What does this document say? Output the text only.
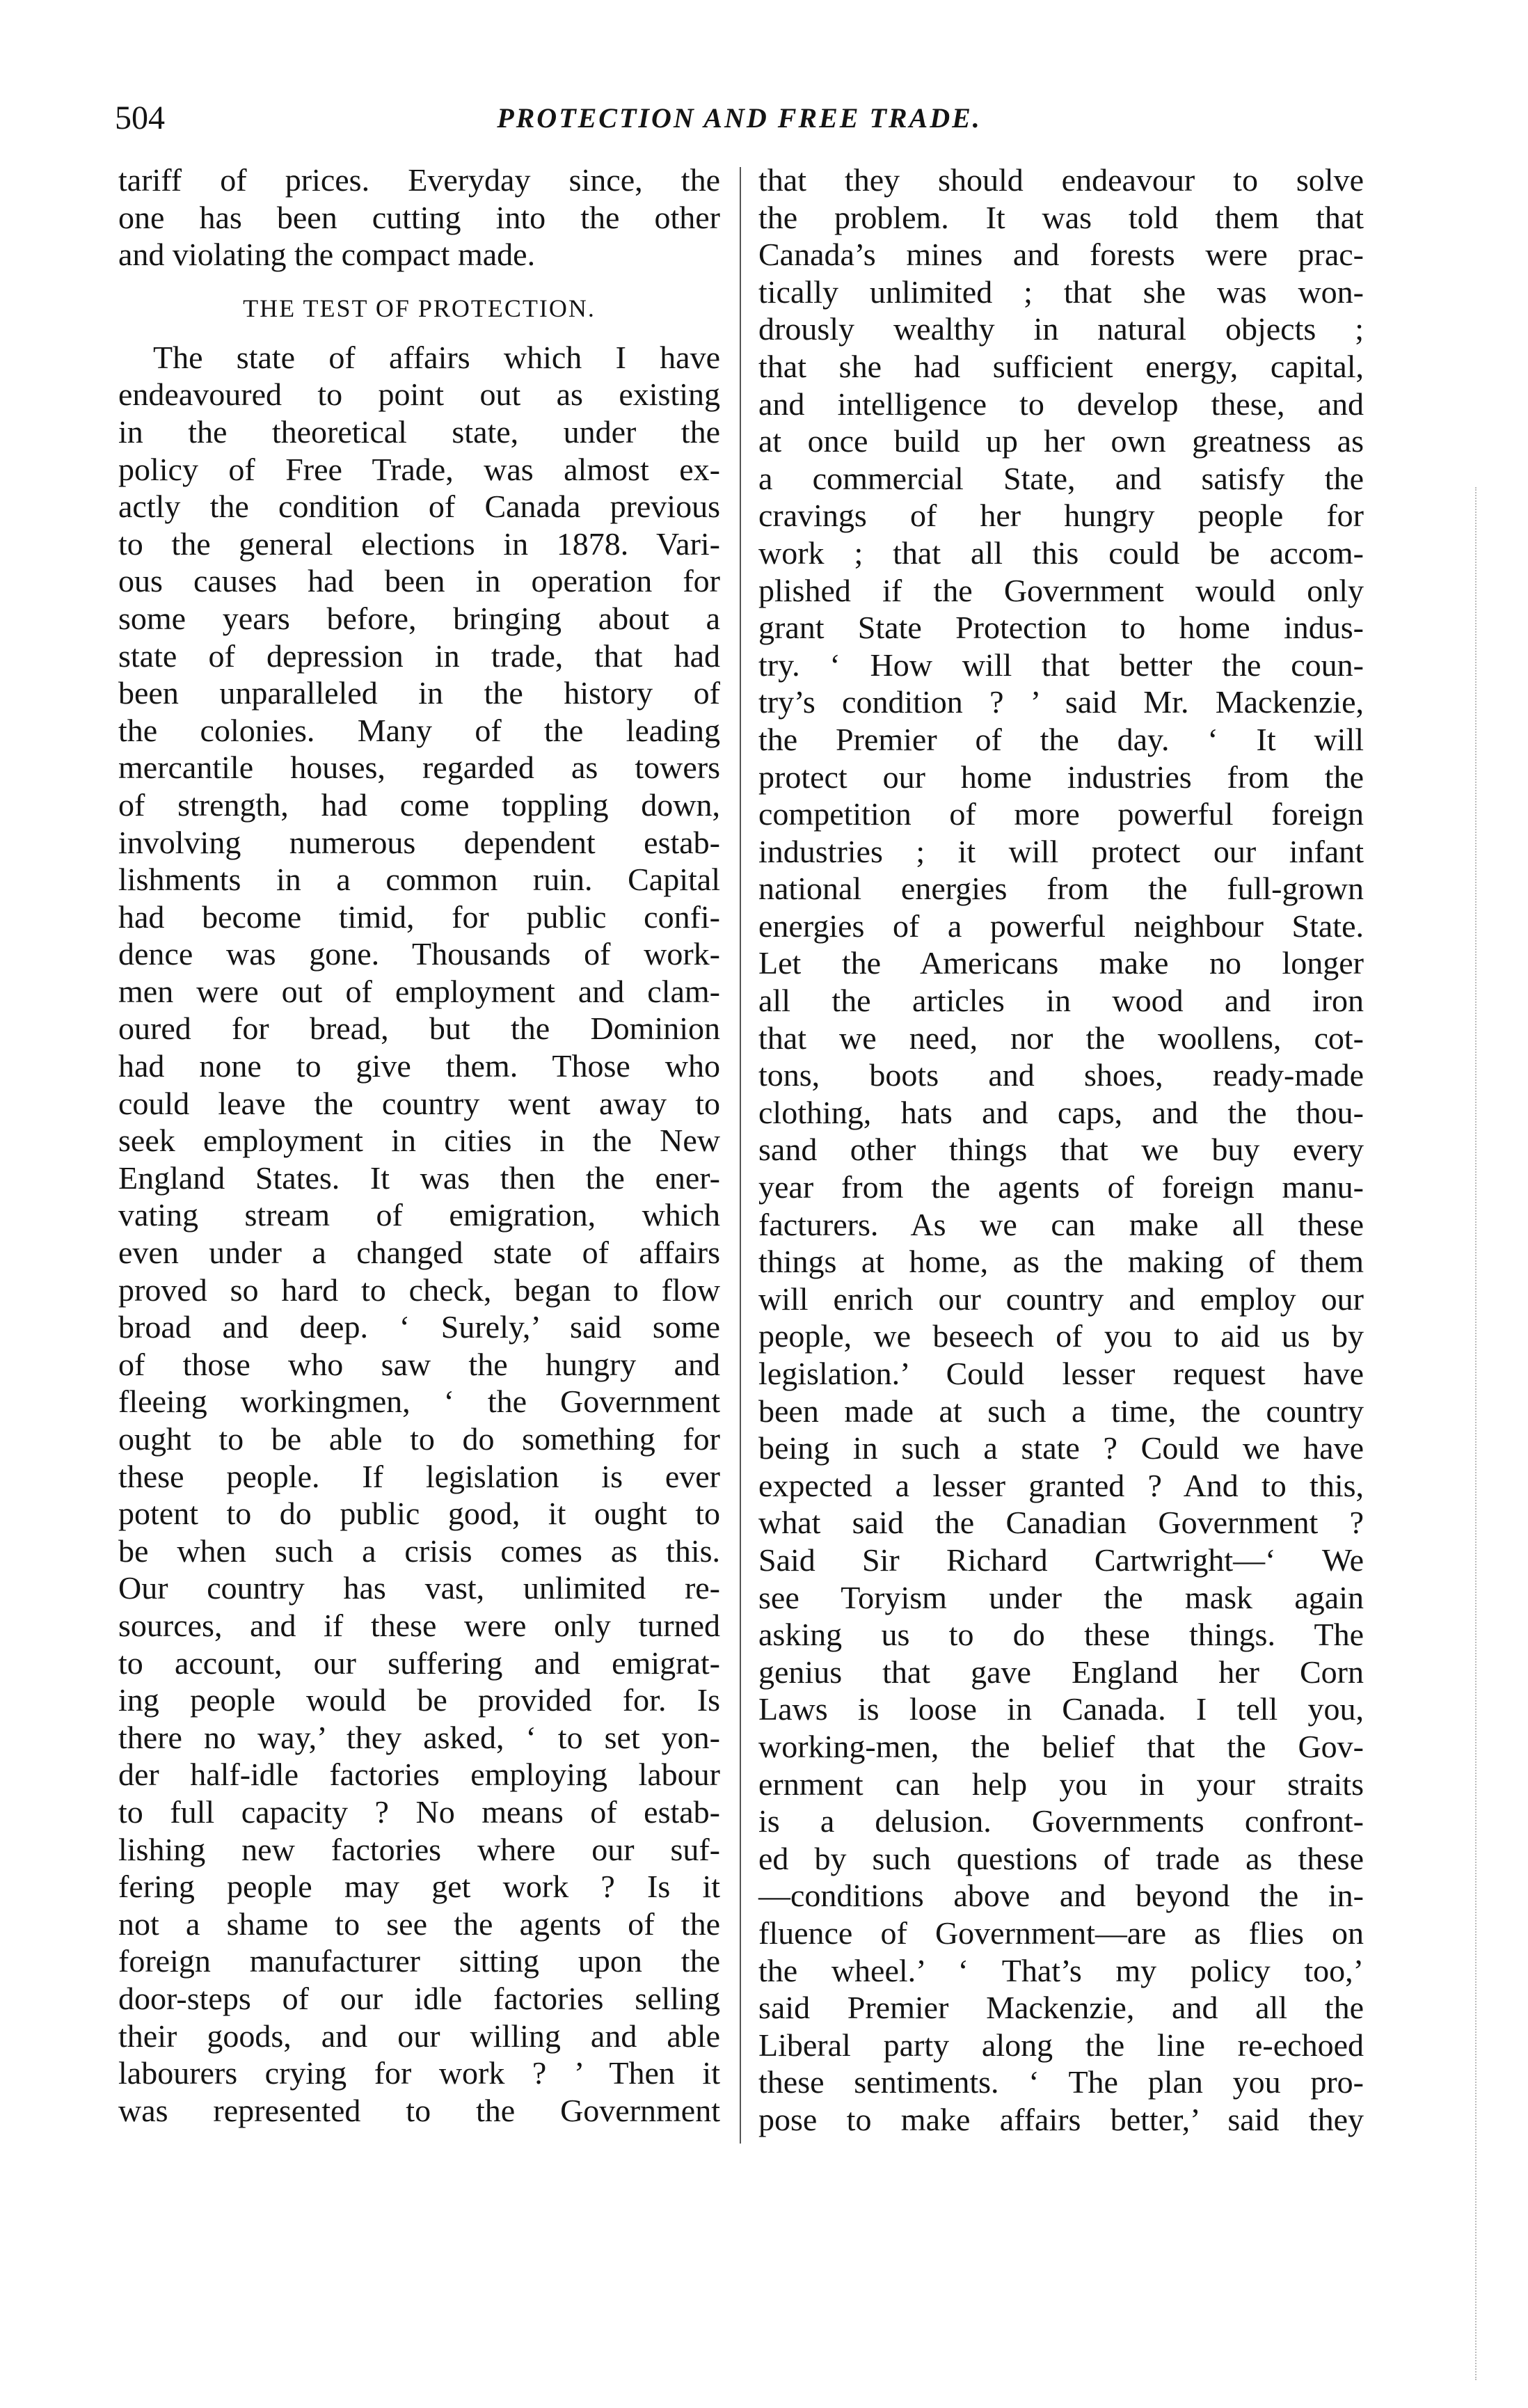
504	PROTECTION AND FREE TRADE.
tariff of prices. Everyday since, the
one has been cutting into the other
and violating the compact made.
THE TEST OF PROTECTION.
The state of affairs which I have
endeavoured to point out as existing
in the theoretical state, under the
policy of Free Trade, was almost ex-
actly the condition of Canada previous
to the general elections in 1878. Vari-
ous causes had been in operation for
some years before, bringing about a
state of depression in trade, that had
been unparalleled in the history of
the colonies. Many of the leading
mercantile houses, regarded as towers
of strength, had come toppling down,
involving numerous dependent estab-
lishments in a common ruin. Capital
had become timid, for public confi-
dence was gone. Thousands of work-
men were out of employment and clam-
oured for bread, but the Dominion
had none to give them. Those who
could leave the country went away to
seek employment in cities in the New
England States. It was then the ener-
vating stream of emigration, which
even under a changed state of affairs
proved so hard to check, began to flow
broad and deep. ‘ Surely,’ said some
of those who saw the hungry and
fleeing workingmen, ‘ the Government
ought to be able to do something for
these people. If legislation is ever
potent to do public good, it ought to
be when such a crisis comes as this.
Our country has vast, unlimited re-
sources, and if these were only turned
to account, our suffering and emigrat-
ing people would be provided for. Is
there no way,’ they asked, ‘ to set yon-
der half-idle factories employing labour
to full capacity ? No means of estab-
lishing new factories where our suf-
fering people may get work ? Is it
not a shame to see the agents of the
foreign manufacturer sitting upon the
door-steps of our idle factories selling
their goods, and our willing and able
labourers crying for work ? ’ Then it
was represented to the Government
that they should endeavour to solve
the problem. It was told them that
Canada’s mines and forests were prac-
tically unlimited ; that she was won-
drously wealthy in natural objects ;
that she had sufficient energy, capital,
and intelligence to develop these, and
at once build up her own greatness as
a commercial State, and satisfy the
cravings of her hungry people for
work ; that all this could be accom-
plished if the Government would only
grant State Protection to home indus-
try. ‘ How will that better the coun-
try’s condition ? ’ said Mr. Mackenzie,
the Premier of the day. ‘ It will
protect our home industries from the
competition of more powerful foreign
industries ; it will protect our infant
national energies from the full-grown
energies of a powerful neighbour State.
Let the Americans make no longer
all the articles in wood and iron
that we need, nor the woollens, cot-
tons, boots and shoes, ready-made
clothing, hats and caps, and the thou-
sand other things that we buy every
year from the agents of foreign manu-
facturers. As we can make all these
things at home, as the making of them
will enrich our country and employ our
people, we beseech of you to aid us by
legislation.’ Could lesser request have
been made at such a time, the country
being in such a state ? Could we have
expected a lesser granted ? And to this,
what said the Canadian Government ?
Said Sir Richard Cartwright—‘ We
see Toryism under the mask again
asking us to do these things. The
genius that gave England her Corn
Laws is loose in Canada. I tell you,
working-men, the belief that the Gov-
ernment can help you in your straits
is a delusion. Governments confront-
ed by such questions of trade as these
—conditions above and beyond the in-
fluence of Government—are as flies on
the wheel.’ ‘ That’s my policy too,’
said Premier Mackenzie, and all the
Liberal party along the line re-echoed
these sentiments. ‘ The plan you pro-
pose to make affairs better,’ said they
